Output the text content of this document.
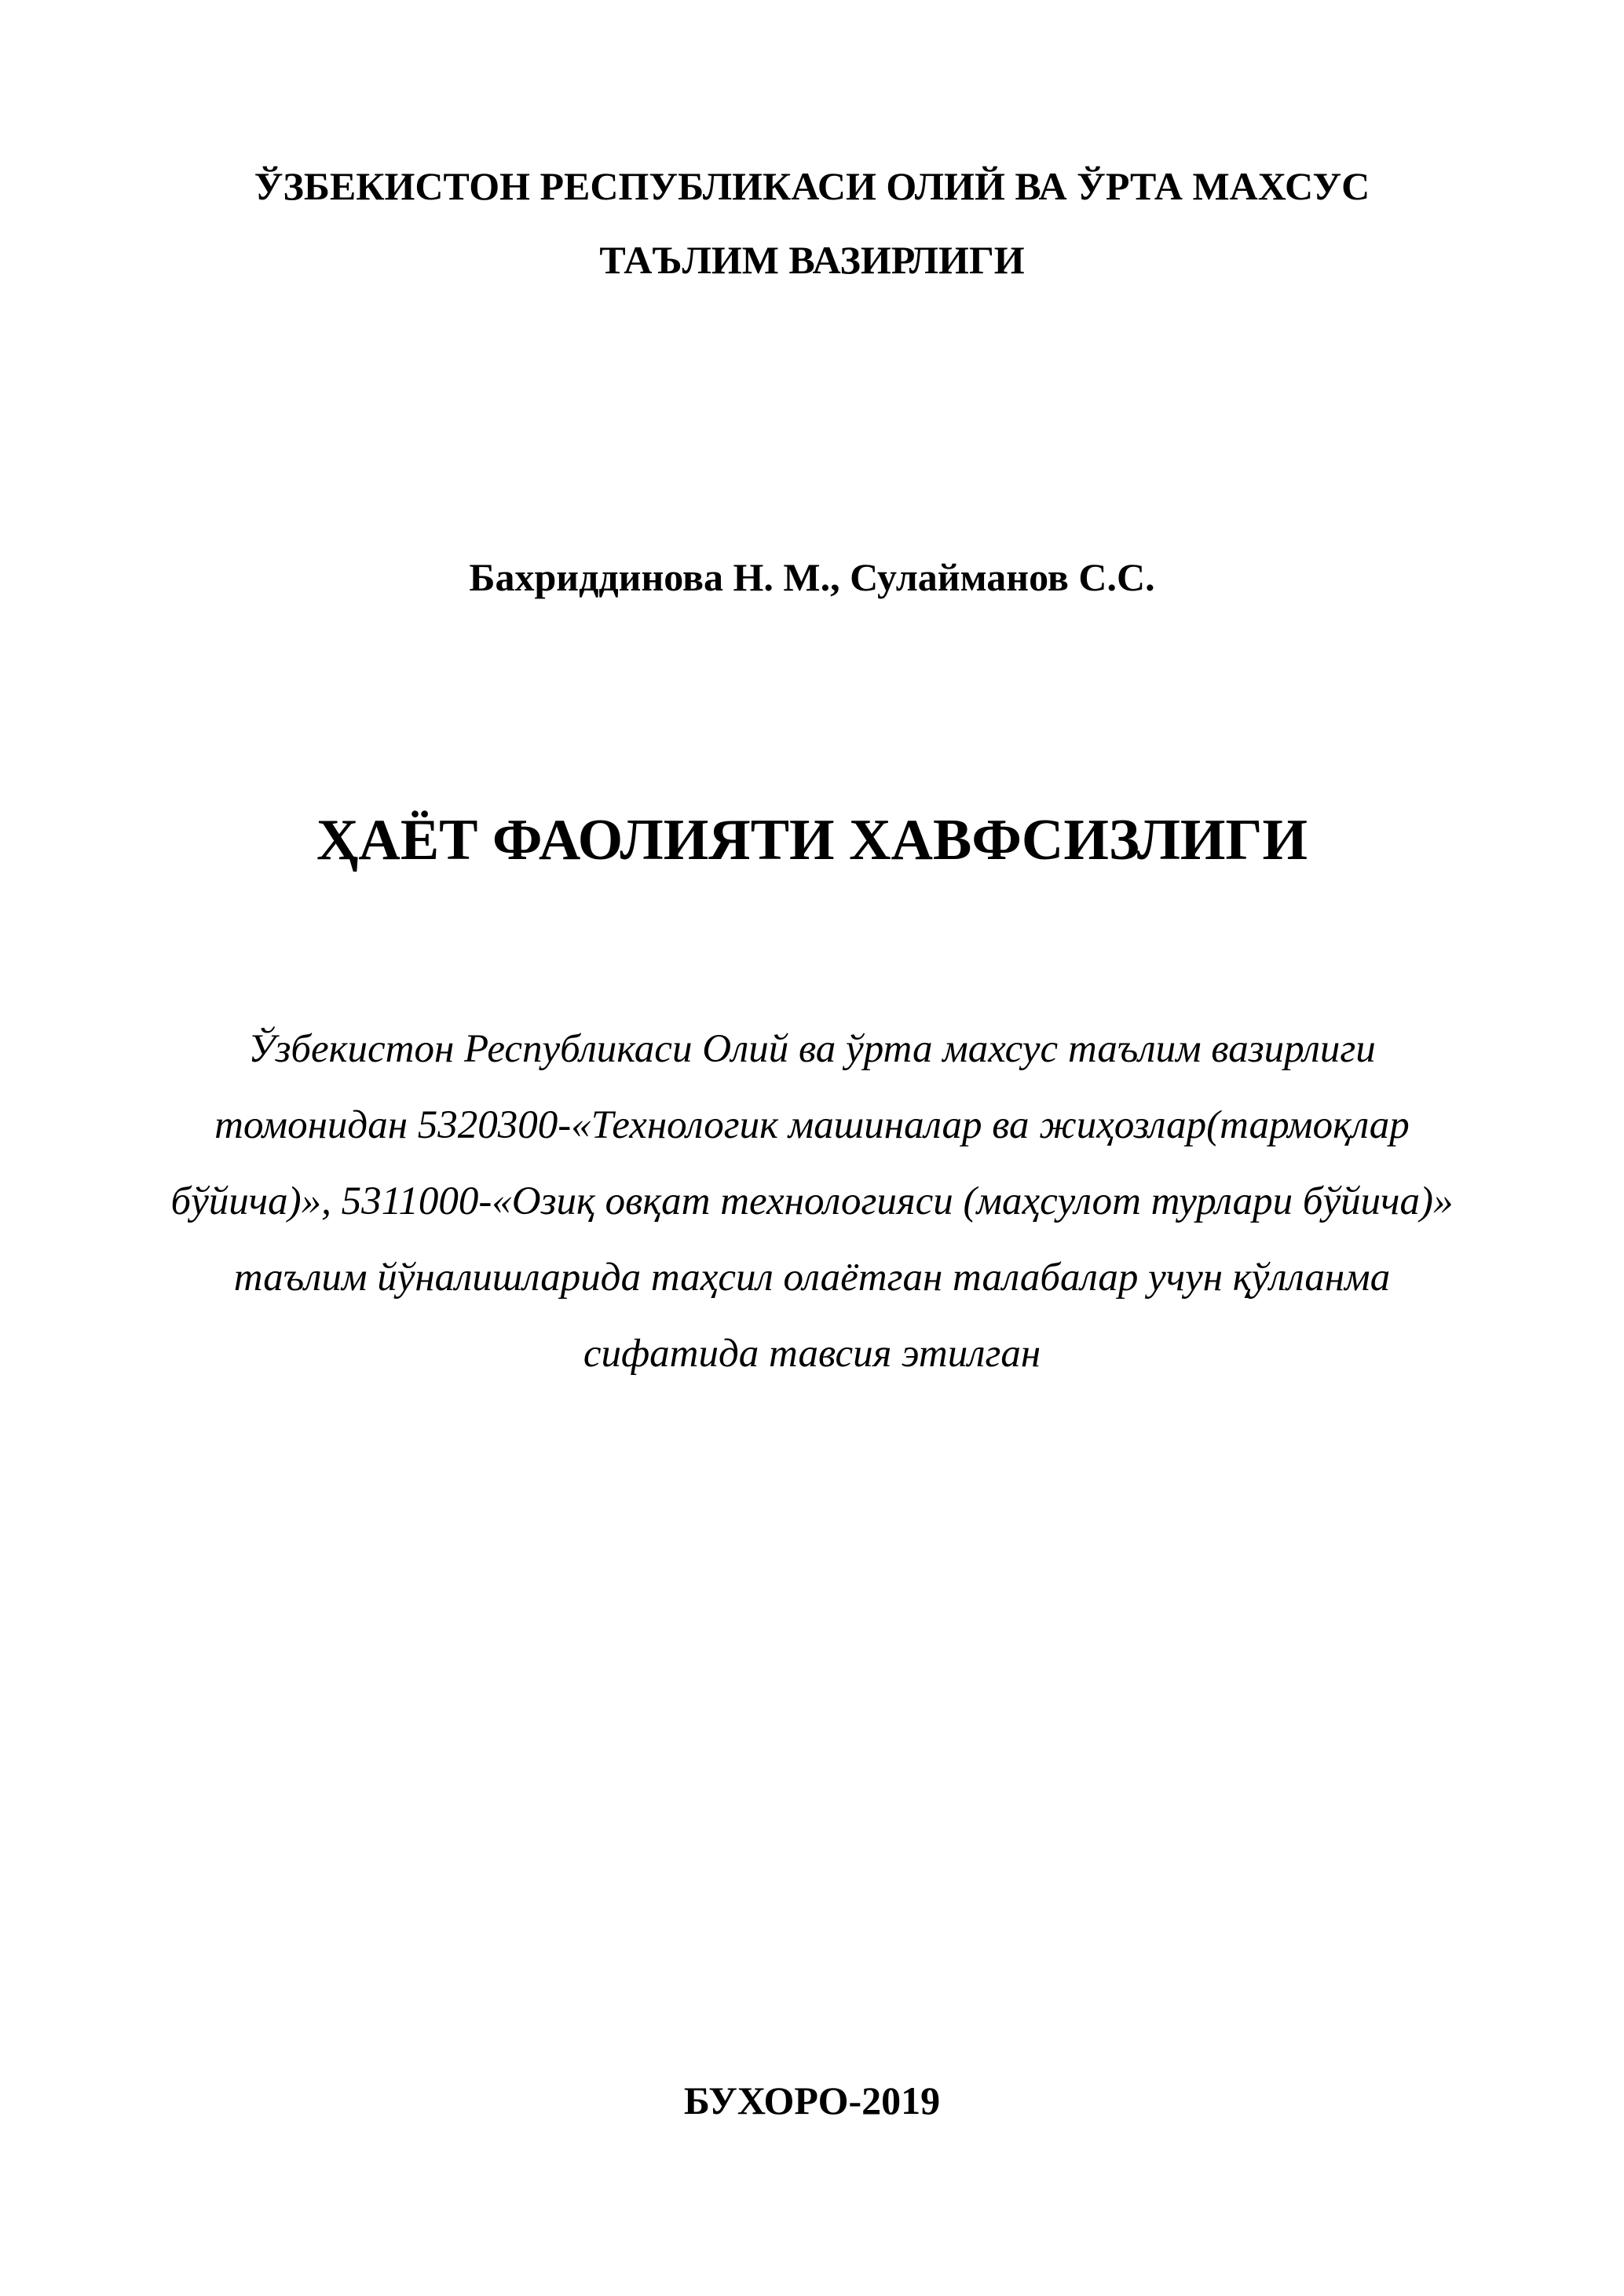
ЎЗБЕКИСТОН РЕСПУБЛИКАСИ ОЛИЙ ВА ЎРТА МАХСУС
ТАЪЛИМ ВАЗИРЛИГИ
Бахриддинова Н. М., Сулайманов С.С.
ҲАЁТ ФАОЛИЯТИ ХАВФСИЗЛИГИ
Ўзбекистон Республикаси Олий ва ўрта махсус таълим вазирлиги
томонидан 5320300-«Технологик машиналар ва жиҳозлар(тармоқлар
бўйича)», 5311000-«Озиқ овқат технологияси (маҳсулот турлари бўйича)»
таълим йўналишларида таҳсил олаётган талабалар учун қўлланма
сифатида тавсия этилган
БУХОРО-2019
